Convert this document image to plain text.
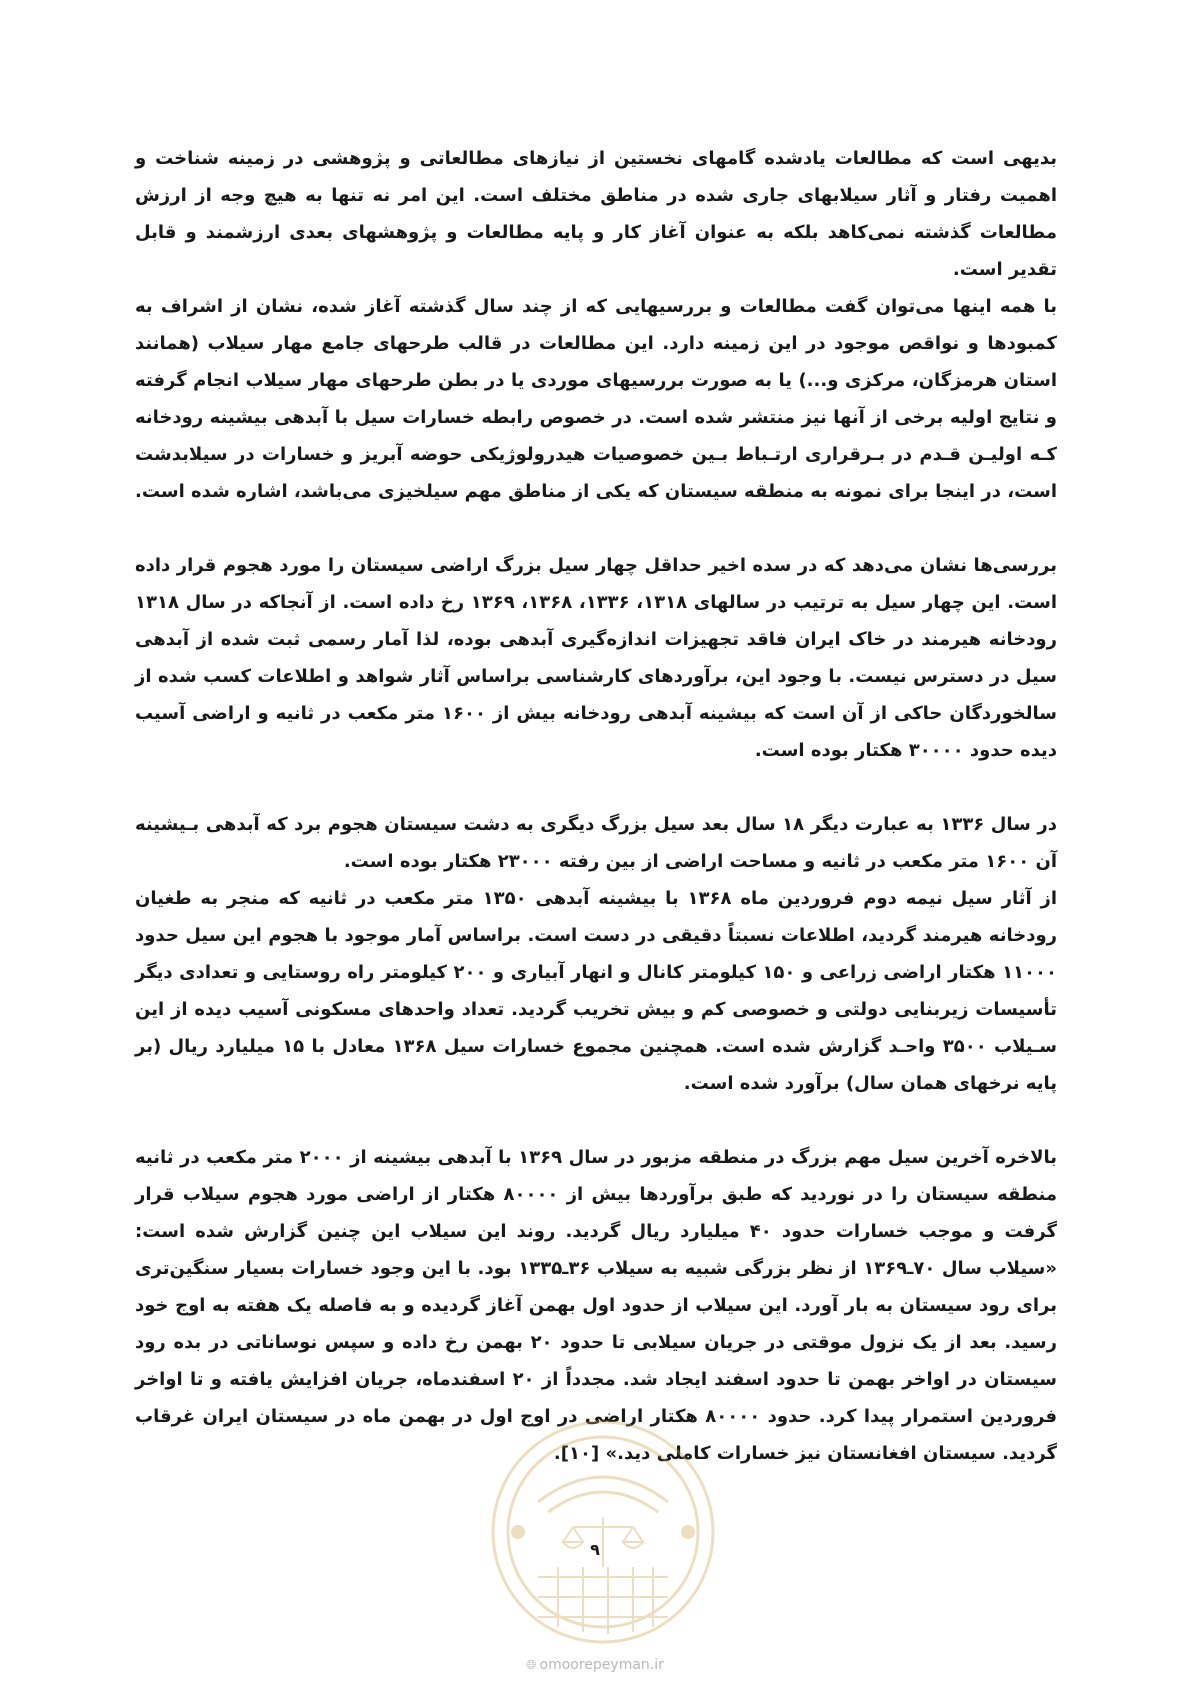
بدیهی است که مطالعات یادشده گامهای نخستین از نیازهای مطالعاتی و پژوهشی در زمینه شناخت و اهمیت رفتار و آثار سیلابهای جاری شده در مناطق مختلف است. این امر نه تنها به هیچ وجه از ارزش مطالعات گذشته نمی‌کاهد بلکه به عنوان آغاز کار و پایه مطالعات و پژوهشهای بعدی ارزشمند و قابل تقدیر است.

با همه اینها می‌توان گفت مطالعات و بررسیهایی که از چند سال گذشته آغاز شده، نشان از اشراف به کمبودها و نواقص موجود در این زمینه دارد. این مطالعات در قالب طرحهای جامع مهار سیلاب (همانند استان هرمزگان، مرکزی و...) یا به صورت بررسیهای موردی یا در بطن طرحهای مهار سیلاب انجام گرفته و نتایج اولیه برخی از آنها نیز منتشر شده است. در خصوص رابطه خسارات سیل با آبدهی بیشینه رودخانه کـه اولیـن قـدم در بـرقراری ارتـباط بـین خصوصیات هیدرولوژیکی حوضه آبریز و خسارات در سیلابدشت است، در اینجا برای نمونه به منطقه سیستان که یکی از مناطق مهم سیلخیزی می‌باشد، اشاره شده است.

بررسی‌ها نشان می‌دهد که در سده اخیر حداقل چهار سیل بزرگ اراضی سیستان را مورد هجوم قرار داده است. این چهار سیل به ترتیب در سالهای ۱۳۱۸، ۱۳۳۶، ۱۳۶۸، ۱۳۶۹ رخ داده است. از آنجاکه در سال ۱۳۱۸ رودخانه هیرمند در خاک ایران فاقد تجهیزات اندازه‌گیری آبدهی بوده، لذا آمار رسمی ثبت شده از آبدهی سیل در دسترس نیست. با وجود این، برآوردهای کارشناسی براساس آثار شواهد و اطلاعات کسب شده از سالخوردگان حاکی از آن است که بیشینه آبدهی رودخانه بیش از ۱۶۰۰ متر مکعب در ثانیه و اراضی آسیب دیده حدود ۳۰۰۰۰ هکتار بوده است.

در سال ۱۳۳۶ به عبارت دیگر ۱۸ سال بعد سیل بزرگ دیگری به دشت سیستان هجوم برد که آبدهی بـیشینه آن ۱۶۰۰ متر مکعب در ثانیه و مساحت اراضی از بین رفته ۲۳۰۰۰ هکتار بوده است.

از آثار سیل نیمه دوم فروردین ماه ۱۳۶۸ با بیشینه آبدهی ۱۳۵۰ متر مکعب در ثانیه که منجر به طغیان رودخانه هیرمند گردید، اطلاعات نسبتاً دقیقی در دست است. براساس آمار موجود با هجوم این سیل حدود ۱۱۰۰۰ هکتار اراضی زراعی و ۱۵۰ کیلومتر کانال و انهار آبیاری و ۲۰۰ کیلومتر راه روستایی و تعدادی دیگر تأسیسات زیربنایی دولتی و خصوصی کم و بیش تخریب گردید. تعداد واحدهای مسکونی آسیب دیده از این سـیلاب ۳۵۰۰ واحـد گزارش شده است. همچنین مجموع خسارات سیل ۱۳۶۸ معادل با ۱۵ میلیارد ریال (بر پایه نرخهای همان سال) برآورد شده است.

بالاخره آخرین سیل مهم بزرگ در منطقه مزبور در سال ۱۳۶۹ با آبدهی بیشینه از ۲۰۰۰ متر مکعب در ثانیه منطقه سیستان را در نوردید که طبق برآوردها بیش از ۸۰۰۰۰ هکتار از اراضی مورد هجوم سیلاب قرار گرفت و موجب خسارات حدود ۴۰ میلیارد ریال گردید. روند این سیلاب این چنین گزارش شده است: «سیلاب سال ۷۰ـ۱۳۶۹ از نظر بزرگی شبیه به سیلاب ۳۶ـ۱۳۳۵ بود. با این وجود خسارات بسیار سنگین‌تری برای رود سیستان به بار آورد. این سیلاب از حدود اول بهمن آغاز گردیده و به فاصله یک هفته به اوج خود رسید. بعد از یک نزول موقتی در جریان سیلابی تا حدود ۲۰ بهمن رخ داده و سپس نوساناتی در بده رود سیستان در اواخر بهمن تا حدود اسفند ایجاد شد. مجدداً از ۲۰ اسفندماه، جریان افزایش یافته و تا اواخر فروردین استمرار پیدا کرد. حدود ۸۰۰۰۰ هکتار اراضی در اوج اول در بهمن ماه در سیستان ایران غرقاب گردید. سیستان افغانستان نیز خسارات کاملی دید.» [۱۰].

۹
🌐︎ omoorepeyman.ir
